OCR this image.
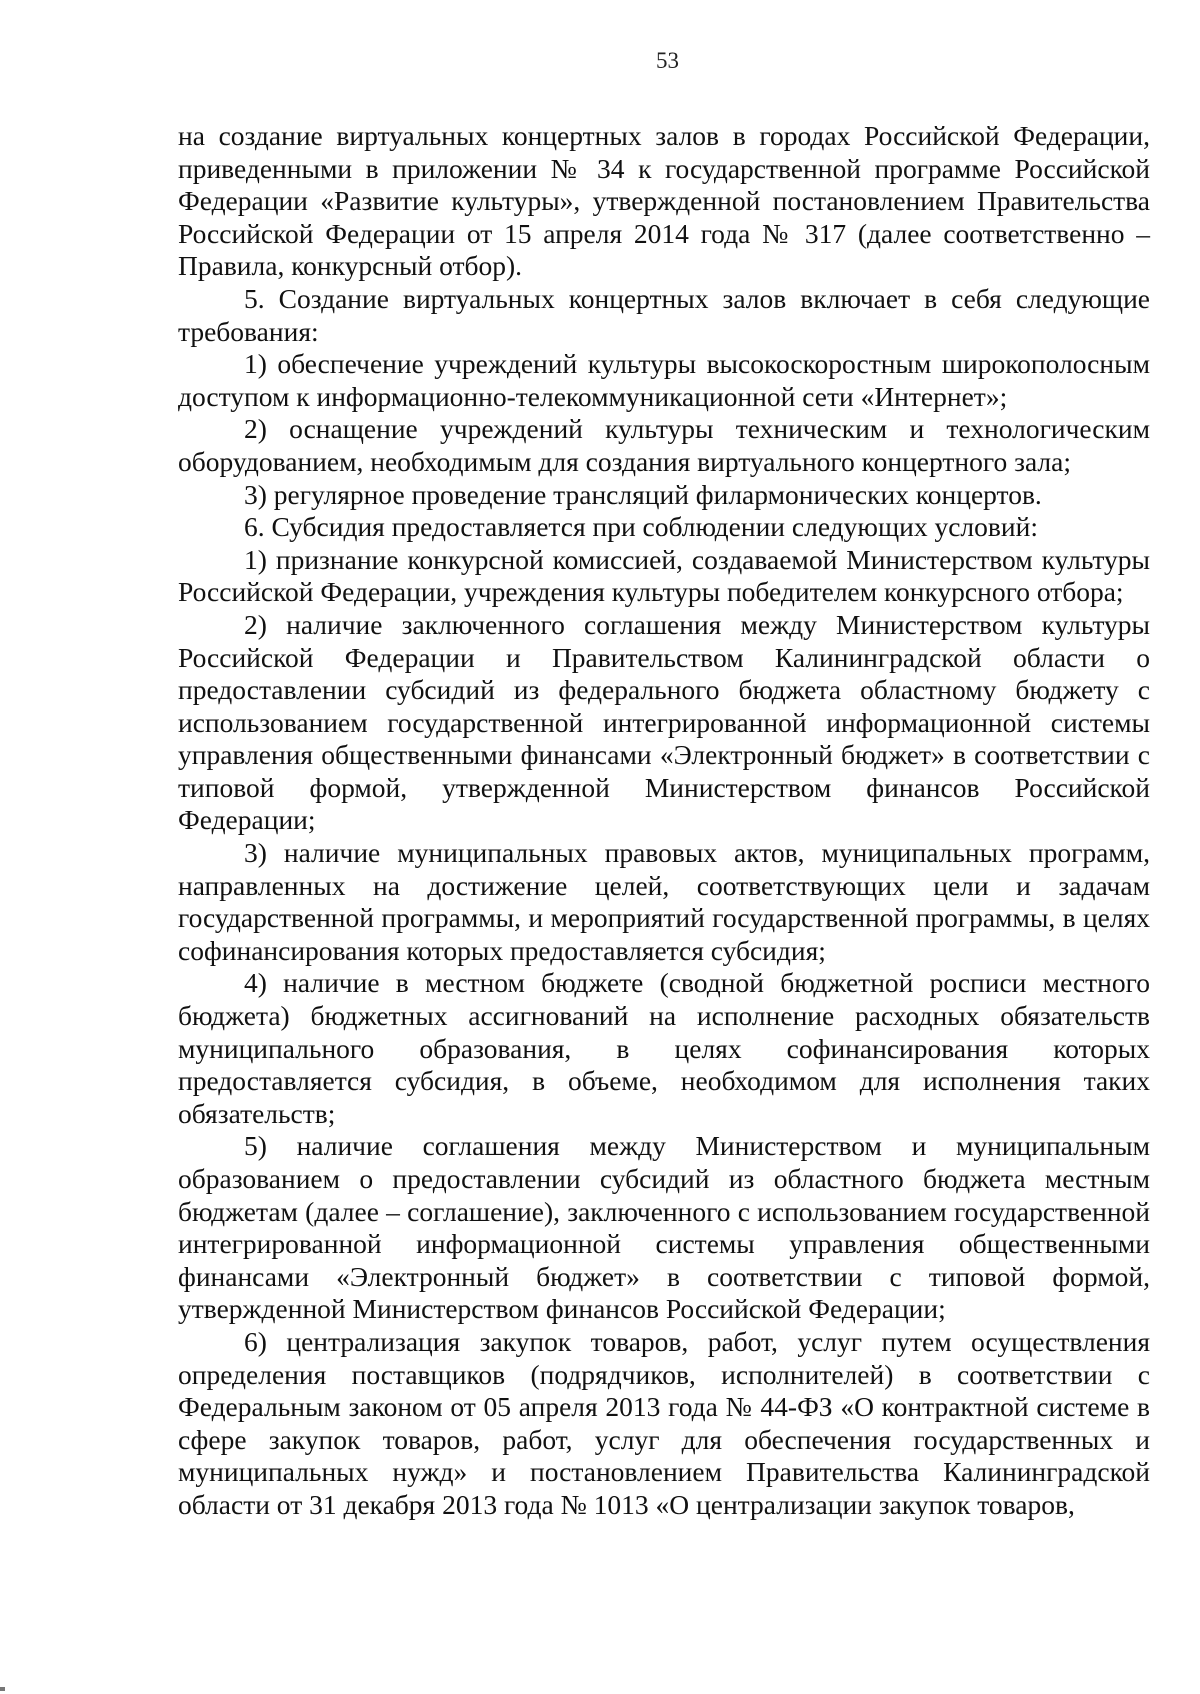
53

на создание виртуальных концертных залов в городах Российской Федерации, приведенными в приложении № 34 к государственной программе Российской Федерации «Развитие культуры», утвержденной постановлением Правительства Российской Федерации от 15 апреля 2014 года № 317 (далее соответственно – Правила, конкурсный отбор).

5. Создание виртуальных концертных залов включает в себя следующие требования:

1) обеспечение учреждений культуры высокоскоростным широкополосным доступом к информационно-телекоммуникационной сети «Интернет»;

2) оснащение учреждений культуры техническим и технологическим оборудованием, необходимым для создания виртуального концертного зала;

3) регулярное проведение трансляций филармонических концертов.

6. Субсидия предоставляется при соблюдении следующих условий:

1) признание конкурсной комиссией, создаваемой Министерством культуры Российской Федерации, учреждения культуры победителем конкурсного отбора;

2) наличие заключенного соглашения между Министерством культуры Российской Федерации и Правительством Калининградской области о предоставлении субсидий из федерального бюджета областному бюджету с использованием государственной интегрированной информационной системы управления общественными финансами «Электронный бюджет» в соответствии с типовой формой, утвержденной Министерством финансов Российской Федерации;

3) наличие муниципальных правовых актов, муниципальных программ, направленных на достижение целей, соответствующих цели и задачам государственной программы, и мероприятий государственной программы, в целях софинансирования которых предоставляется субсидия;

4) наличие в местном бюджете (сводной бюджетной росписи местного бюджета) бюджетных ассигнований на исполнение расходных обязательств муниципального образования, в целях софинансирования которых предоставляется субсидия, в объеме, необходимом для исполнения таких обязательств;

5) наличие соглашения между Министерством и муниципальным образованием о предоставлении субсидий из областного бюджета местным бюджетам (далее – соглашение), заключенного с использованием государственной интегрированной информационной системы управления общественными финансами «Электронный бюджет» в соответствии с типовой формой, утвержденной Министерством финансов Российской Федерации;

6) централизация закупок товаров, работ, услуг путем осуществления определения поставщиков (подрядчиков, исполнителей) в соответствии с Федеральным законом от 05 апреля 2013 года № 44-ФЗ «О контрактной системе в сфере закупок товаров, работ, услуг для обеспечения государственных и муниципальных нужд» и постановлением Правительства Калининградской области от 31 декабря 2013 года № 1013 «О централизации закупок товаров,
